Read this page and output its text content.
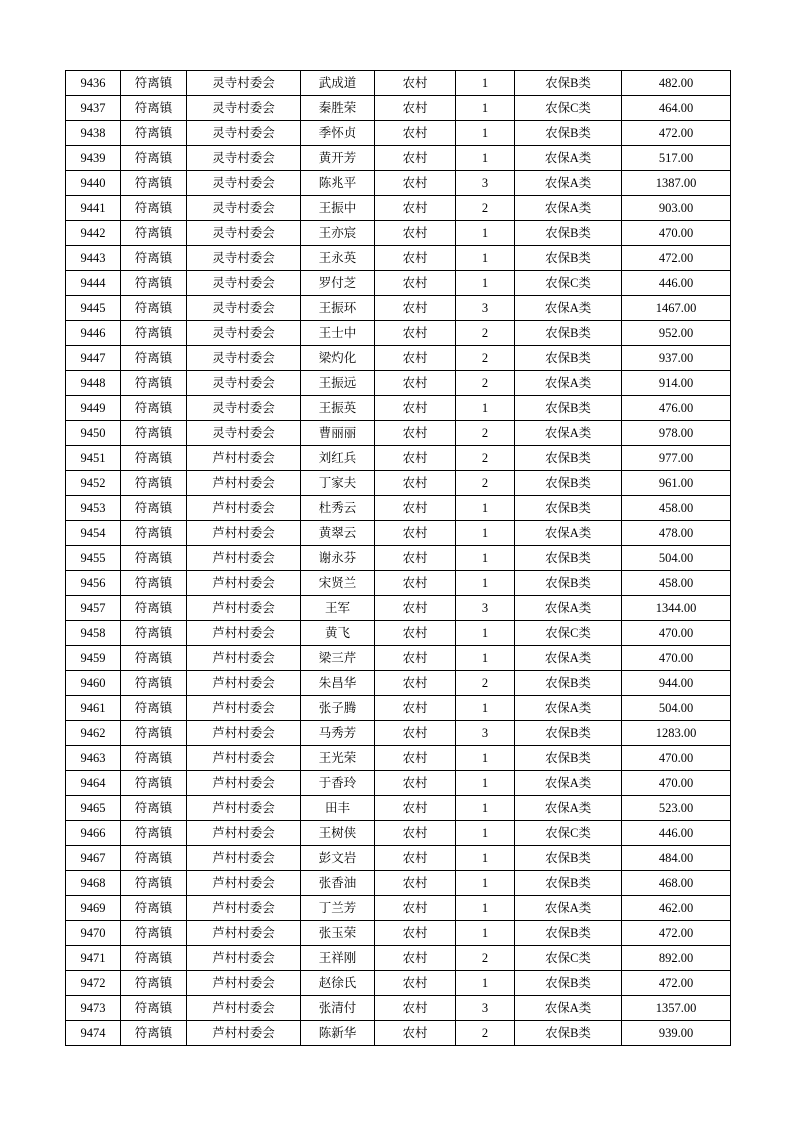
9436	符离镇	灵寺村委会	武成道	农村	1	农保B类	482.00
9437	符离镇	灵寺村委会	秦胜荣	农村	1	农保C类	464.00
9438	符离镇	灵寺村委会	季怀贞	农村	1	农保B类	472.00
9439	符离镇	灵寺村委会	黄开芳	农村	1	农保A类	517.00
9440	符离镇	灵寺村委会	陈兆平	农村	3	农保A类	1387.00
9441	符离镇	灵寺村委会	王振中	农村	2	农保A类	903.00
9442	符离镇	灵寺村委会	王亦宸	农村	1	农保B类	470.00
9443	符离镇	灵寺村委会	王永英	农村	1	农保B类	472.00
9444	符离镇	灵寺村委会	罗付芝	农村	1	农保C类	446.00
9445	符离镇	灵寺村委会	王振环	农村	3	农保A类	1467.00
9446	符离镇	灵寺村委会	王士中	农村	2	农保B类	952.00
9447	符离镇	灵寺村委会	梁灼化	农村	2	农保B类	937.00
9448	符离镇	灵寺村委会	王振远	农村	2	农保A类	914.00
9449	符离镇	灵寺村委会	王振英	农村	1	农保B类	476.00
9450	符离镇	灵寺村委会	曹丽丽	农村	2	农保A类	978.00
9451	符离镇	芦村村委会	刘红兵	农村	2	农保B类	977.00
9452	符离镇	芦村村委会	丁家夫	农村	2	农保B类	961.00
9453	符离镇	芦村村委会	杜秀云	农村	1	农保B类	458.00
9454	符离镇	芦村村委会	黄翠云	农村	1	农保A类	478.00
9455	符离镇	芦村村委会	谢永芬	农村	1	农保B类	504.00
9456	符离镇	芦村村委会	宋贤兰	农村	1	农保B类	458.00
9457	符离镇	芦村村委会	王军	农村	3	农保A类	1344.00
9458	符离镇	芦村村委会	黄飞	农村	1	农保C类	470.00
9459	符离镇	芦村村委会	梁三芹	农村	1	农保A类	470.00
9460	符离镇	芦村村委会	朱昌华	农村	2	农保B类	944.00
9461	符离镇	芦村村委会	张子腾	农村	1	农保A类	504.00
9462	符离镇	芦村村委会	马秀芳	农村	3	农保B类	1283.00
9463	符离镇	芦村村委会	王光荣	农村	1	农保B类	470.00
9464	符离镇	芦村村委会	于香玲	农村	1	农保A类	470.00
9465	符离镇	芦村村委会	田丰	农村	1	农保A类	523.00
9466	符离镇	芦村村委会	王树侠	农村	1	农保C类	446.00
9467	符离镇	芦村村委会	彭文岩	农村	1	农保B类	484.00
9468	符离镇	芦村村委会	张香油	农村	1	农保B类	468.00
9469	符离镇	芦村村委会	丁兰芳	农村	1	农保A类	462.00
9470	符离镇	芦村村委会	张玉荣	农村	1	农保B类	472.00
9471	符离镇	芦村村委会	王祥刚	农村	2	农保C类	892.00
9472	符离镇	芦村村委会	赵徐氏	农村	1	农保B类	472.00
9473	符离镇	芦村村委会	张清付	农村	3	农保A类	1357.00
9474	符离镇	芦村村委会	陈新华	农村	2	农保B类	939.00
